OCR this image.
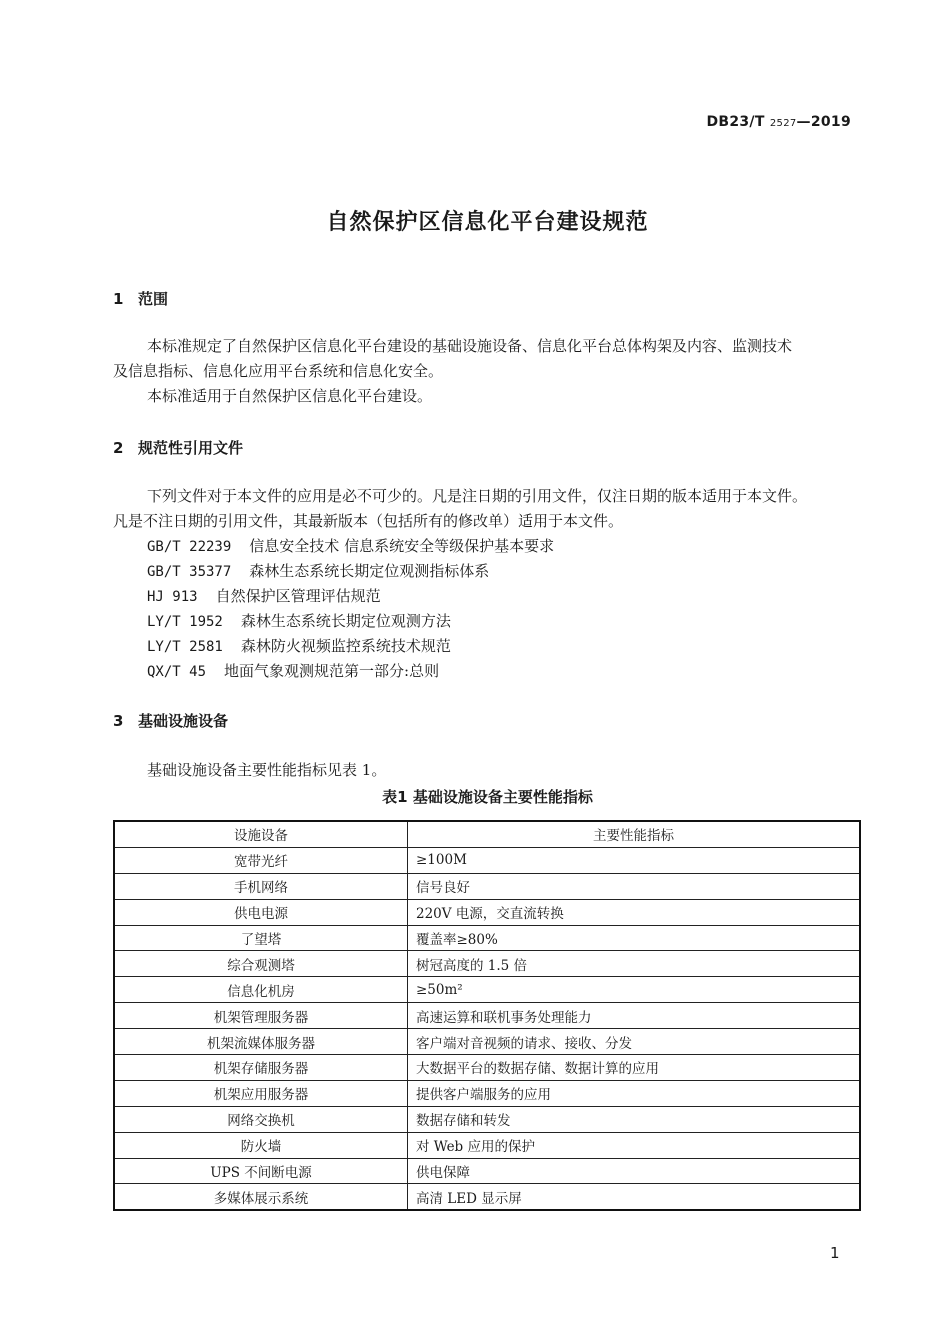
DB23/T 2527—2019
自然保护区信息化平台建设规范
1 范围
本标准规定了自然保护区信息化平台建设的基础设施设备、信息化平台总体构架及内容、监测技术
及信息指标、信息化应用平台系统和信息化安全。
本标准适用于自然保护区信息化平台建设。
2 规范性引用文件
下列文件对于本文件的应用是必不可少的。凡是注日期的引用文件，仅注日期的版本适用于本文件。
凡是不注日期的引用文件，其最新版本（包括所有的修改单）适用于本文件。
GB/T 22239 信息安全技术 信息系统安全等级保护基本要求
GB/T 35377 森林生态系统长期定位观测指标体系
HJ 913 自然保护区管理评估规范
LY/T 1952 森林生态系统长期定位观测方法
LY/T 2581 森林防火视频监控系统技术规范
QX/T 45 地面气象观测规范第一部分:总则
3 基础设施设备
基础设施设备主要性能指标见表 1。
表1 基础设施设备主要性能指标
设施设备	主要性能指标
宽带光纤	≥100M
手机网络	信号良好
供电电源	220V 电源，交直流转换
了望塔	覆盖率≥80%
综合观测塔	树冠高度的 1.5 倍
信息化机房	≥50m²
机架管理服务器	高速运算和联机事务处理能力
机架流媒体服务器	客户端对音视频的请求、接收、分发
机架存储服务器	大数据平台的数据存储、数据计算的应用
机架应用服务器	提供客户端服务的应用
网络交换机	数据存储和转发
防火墙	对 Web 应用的保护
UPS 不间断电源	供电保障
多媒体展示系统	高清 LED 显示屏
1
